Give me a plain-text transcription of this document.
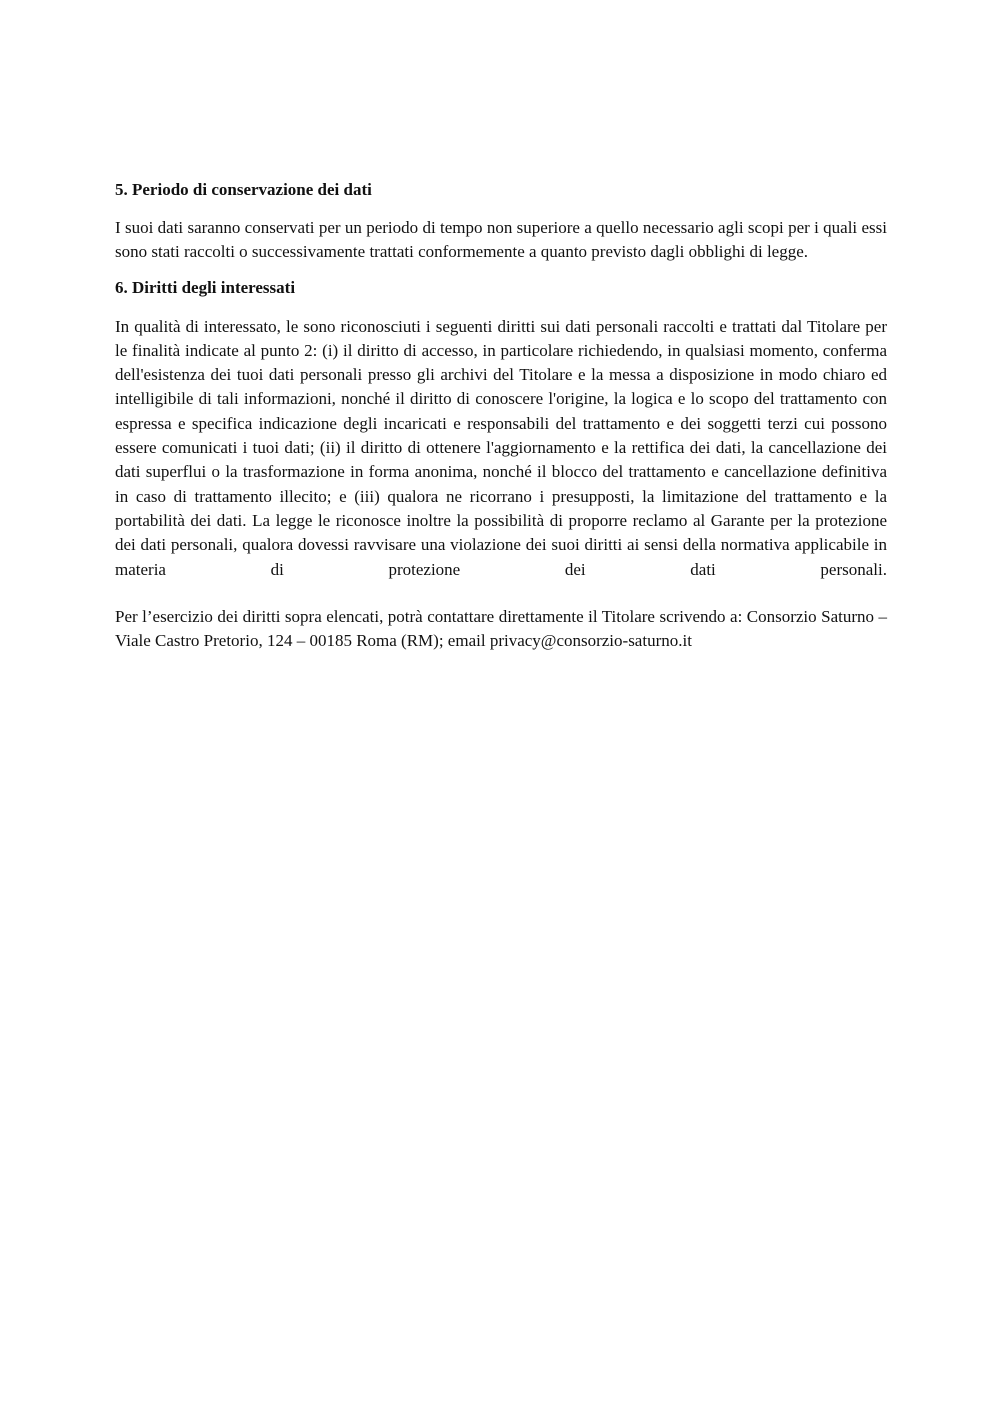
5. Periodo di conservazione dei dati

I suoi dati saranno conservati per un periodo di tempo non superiore a quello necessario agli scopi per i quali essi sono stati raccolti o successivamente trattati conformemente a quanto previsto dagli obblighi di legge.

6. Diritti degli interessati

In qualità di interessato, le sono riconosciuti i seguenti diritti sui dati personali raccolti e trattati dal Titolare per le finalità indicate al punto 2: (i) il diritto di accesso, in particolare richiedendo, in qualsiasi momento, conferma dell'esistenza dei tuoi dati personali presso gli archivi del Titolare e la messa a disposizione in modo chiaro ed intelligibile di tali informazioni, nonché il diritto di conoscere l'origine, la logica e lo scopo del trattamento con espressa e specifica indicazione degli incaricati e responsabili del trattamento e dei soggetti terzi cui possono essere comunicati i tuoi dati; (ii) il diritto di ottenere l'aggiornamento e la rettifica dei dati, la cancellazione dei dati superflui o la trasformazione in forma anonima, nonché il blocco del trattamento e cancellazione definitiva in caso di trattamento illecito; e (iii) qualora ne ricorrano i presupposti, la limitazione del trattamento e la portabilità dei dati. La legge le riconosce inoltre la possibilità di proporre reclamo al Garante per la protezione dei dati personali, qualora dovessi ravvisare una violazione dei suoi diritti ai sensi della normativa applicabile in materia di protezione dei dati personali.

Per l’esercizio dei diritti sopra elencati, potrà contattare direttamente il Titolare scrivendo a: Consorzio Saturno – Viale Castro Pretorio, 124 – 00185 Roma (RM); email privacy@consorzio-saturno.it
